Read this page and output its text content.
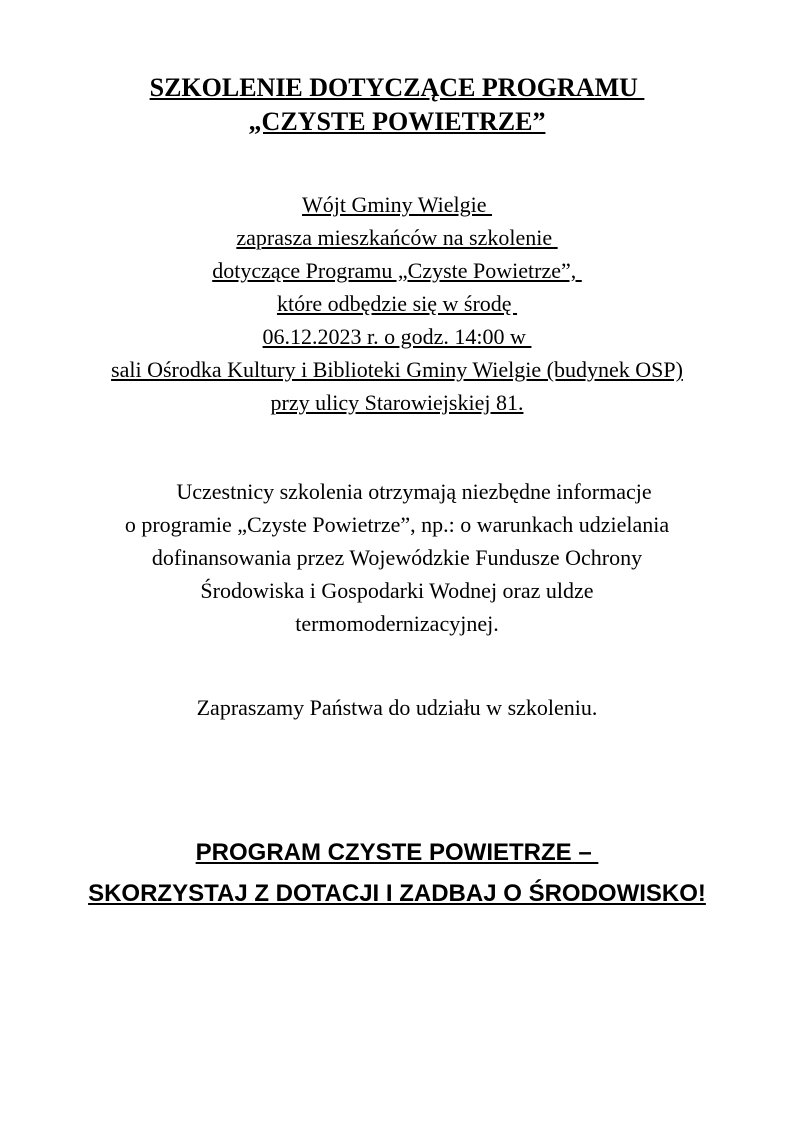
SZKOLENIE DOTYCZĄCE PROGRAMU
„CZYSTE POWIETRZE”
Wójt Gminy Wielgie
zaprasza mieszkańców na szkolenie
dotyczące Programu „Czyste Powietrze”,
które odbędzie się w środę
06.12.2023 r. o godz. 14:00 w
sali Ośrodka Kultury i Biblioteki Gminy Wielgie (budynek OSP)
przy ulicy Starowiejskiej 81.
Uczestnicy szkolenia otrzymają niezbędne informacje
o programie „Czyste Powietrze”, np.: o warunkach udzielania
dofinansowania przez Wojewódzkie Fundusze Ochrony
Środowiska i Gospodarki Wodnej oraz uldze
termomodernizacyjnej.
Zapraszamy Państwa do udziału w szkoleniu.
PROGRAM CZYSTE POWIETRZE –
SKORZYSTAJ Z DOTACJI I ZADBAJ O ŚRODOWISKO!
